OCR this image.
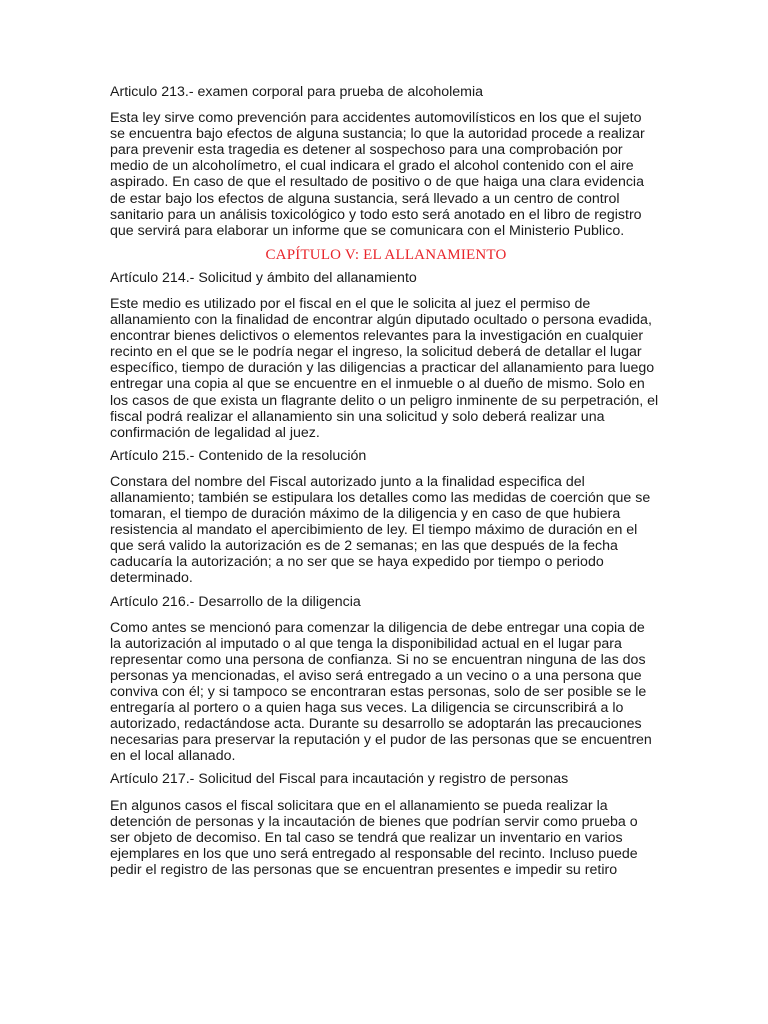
Articulo 213.- examen corporal para prueba de alcoholemia
Esta ley sirve como prevención para accidentes automovilísticos en los que el sujeto
se encuentra bajo efectos de alguna sustancia; lo que la autoridad procede a realizar
para prevenir esta tragedia es detener al sospechoso para una comprobación por
medio de un alcoholímetro, el cual indicara el grado el alcohol contenido con el aire
aspirado. En caso de que el resultado de positivo o de que haiga una clara evidencia
de estar bajo los efectos de alguna sustancia, será llevado a un centro de control
sanitario para un análisis toxicológico y todo esto será anotado en el libro de registro
que servirá para elaborar un informe que se comunicara con el Ministerio Publico.
CAPÍTULO V: EL ALLANAMIENTO
Artículo 214.- Solicitud y ámbito del allanamiento
Este medio es utilizado por el fiscal en el que le solicita al juez el permiso de
allanamiento con la finalidad de encontrar algún diputado ocultado o persona evadida,
encontrar bienes delictivos o elementos relevantes para la investigación en cualquier
recinto en el que se le podría negar el ingreso, la solicitud deberá de detallar el lugar
específico, tiempo de duración y las diligencias a practicar del allanamiento para luego
entregar una copia al que se encuentre en el inmueble o al dueño de mismo. Solo en
los casos de que exista un flagrante delito o un peligro inminente de su perpetración, el
fiscal podrá realizar el allanamiento sin una solicitud y solo deberá realizar una
confirmación de legalidad al juez.
Artículo 215.- Contenido de la resolución
Constara del nombre del Fiscal autorizado junto a la finalidad especifica del
allanamiento; también se estipulara los detalles como las medidas de coerción que se
tomaran, el tiempo de duración máximo de la diligencia y en caso de que hubiera
resistencia al mandato el apercibimiento de ley. El tiempo máximo de duración en el
que será valido la autorización es de 2 semanas; en las que después de la fecha
caducaría la autorización; a no ser que se haya expedido por tiempo o periodo
determinado.
Artículo 216.- Desarrollo de la diligencia
Como antes se mencionó para comenzar la diligencia de debe entregar una copia de
la autorización al imputado o al que tenga la disponibilidad actual en el lugar para
representar como una persona de confianza. Si no se encuentran ninguna de las dos
personas ya mencionadas, el aviso será entregado a un vecino o a una persona que
conviva con él; y si tampoco se encontraran estas personas, solo de ser posible se le
entregaría al portero o a quien haga sus veces. La diligencia se circunscribirá a lo
autorizado, redactándose acta. Durante su desarrollo se adoptarán las precauciones
necesarias para preservar la reputación y el pudor de las personas que se encuentren
en el local allanado.
Artículo 217.- Solicitud del Fiscal para incautación y registro de personas
En algunos casos el fiscal solicitara que en el allanamiento se pueda realizar la
detención de personas y la incautación de bienes que podrían servir como prueba o
ser objeto de decomiso. En tal caso se tendrá que realizar un inventario en varios
ejemplares en los que uno será entregado al responsable del recinto. Incluso puede
pedir el registro de las personas que se encuentran presentes e impedir su retiro
